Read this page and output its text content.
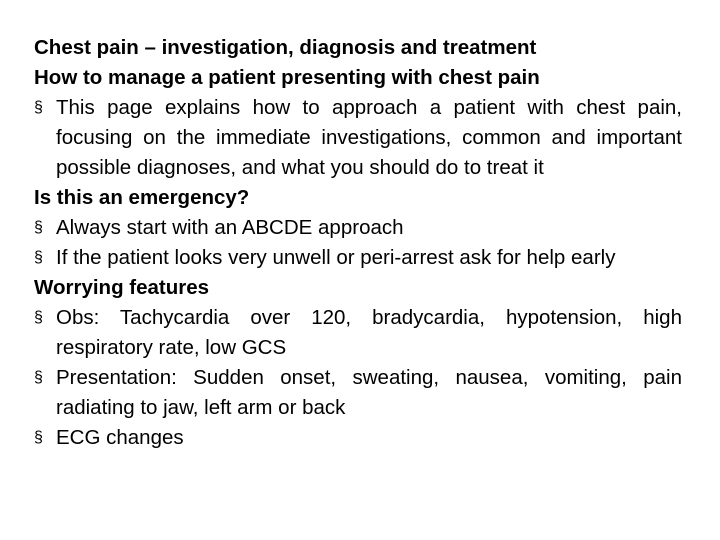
Chest pain – investigation, diagnosis and treatment

How to manage a patient presenting with chest pain

§ This page explains how to approach a patient with chest pain, focusing on the immediate investigations, common and important possible diagnoses, and what you should do to treat it

Is this an emergency?

§ Always start with an ABCDE approach

§ If the patient looks very unwell or peri-arrest ask for help early

Worrying features

§ Obs: Tachycardia over 120, bradycardia, hypotension, high respiratory rate, low GCS

§ Presentation: Sudden onset, sweating, nausea, vomiting, pain radiating to jaw, left arm or back

§ ECG changes
